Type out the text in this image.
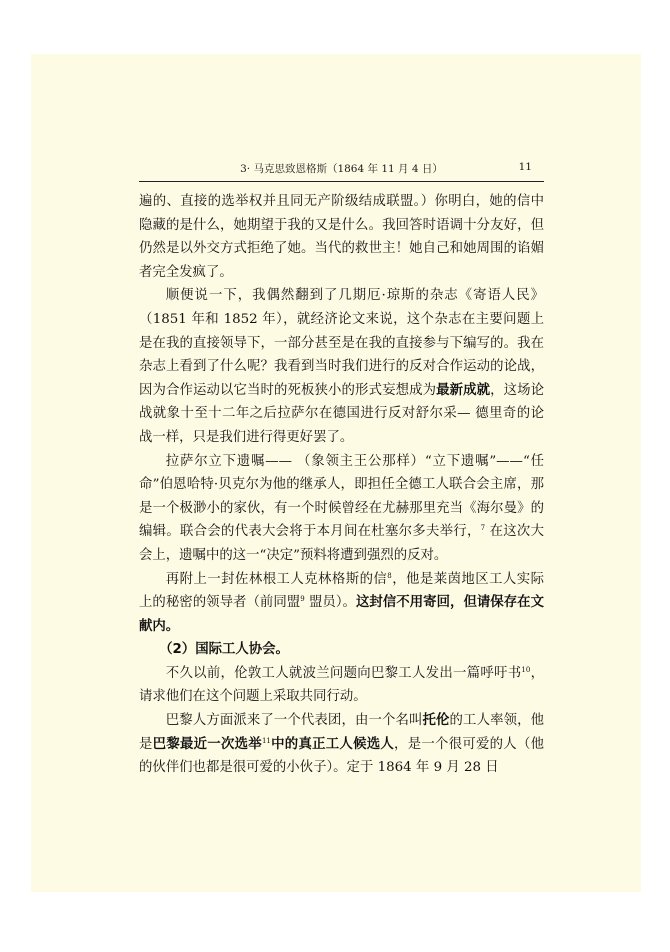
3· 马克思致恩格斯（1864 年 11 月 4 日）	11

遍的、直接的选举权并且同无产阶级结成联盟。）你明白，她的信中隐藏的是什么，她期望于我的又是什么。我回答时语调十分友好，但仍然是以外交方式拒绝了她。当代的救世主！她自己和她周围的谄媚者完全发疯了。

顺便说一下，我偶然翻到了几期厄·琼斯的杂志《寄语人民》（1851 年和 1852 年），就经济论文来说，这个杂志在主要问题上是在我的直接领导下，一部分甚至是在我的直接参与下编写的。我在杂志上看到了什么呢？我看到当时我们进行的反对合作运动的论战，因为合作运动以它当时的死板狭小的形式妄想成为最新成就，这场论战就象十至十二年之后拉萨尔在德国进行反对舒尔采— 德里奇的论战一样，只是我们进行得更好罢了。

拉萨尔立下遗嘱—— （象领主王公那样）“立下遗嘱”——“任命”伯恩哈特·贝克尔为他的继承人，即担任全德工人联合会主席，那是一个极渺小的家伙，有一个时候曾经在尤赫那里充当《海尔曼》的编辑。联合会的代表大会将于本月间在杜塞尔多夫举行，$^7$ 在这次大会上，遗嘱中的这一“决定”预料将遭到强烈的反对。

再附上一封佐林根工人克林格斯的信$^8$，他是莱茵地区工人实际上的秘密的领导者（前同盟$^9$ 盟员）。这封信不用寄回，但请保存在文献内。

（2）国际工人协会。

不久以前，伦敦工人就波兰问题向巴黎工人发出一篇呼吁书$^{10}$，请求他们在这个问题上采取共同行动。

巴黎人方面派来了一个代表团，由一个名叫托伦的工人率领，他是巴黎最近一次选举$^{11}$中的真正工人候选人，是一个很可爱的人（他的伙伴们也都是很可爱的小伙子）。定于 1864 年 9 月 28 日
